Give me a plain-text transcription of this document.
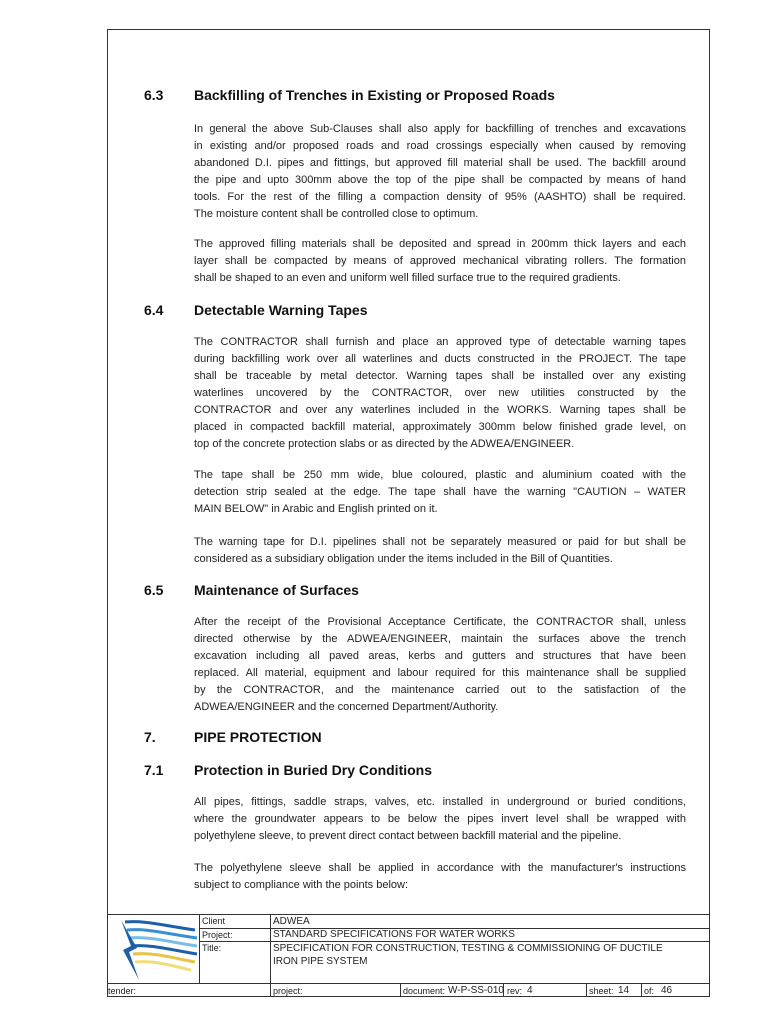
6.3 Backfilling of Trenches in Existing or Proposed Roads
In general the above Sub-Clauses shall also apply for backfilling of trenches and excavations
in existing and/or proposed roads and road crossings especially when caused by removing
abandoned D.I. pipes and fittings, but approved fill material shall be used. The backfill around
the pipe and upto 300mm above the top of the pipe shall be compacted by means of hand
tools. For the rest of the filling a compaction density of 95% (AASHTO) shall be required.
The moisture content shall be controlled close to optimum.
The approved filling materials shall be deposited and spread in 200mm thick layers and each
layer shall be compacted by means of approved mechanical vibrating rollers. The formation
shall be shaped to an even and uniform well filled surface true to the required gradients.
6.4 Detectable Warning Tapes
The CONTRACTOR shall furnish and place an approved type of detectable warning tapes
during backfilling work over all waterlines and ducts constructed in the PROJECT. The tape
shall be traceable by metal detector. Warning tapes shall be installed over any existing
waterlines uncovered by the CONTRACTOR, over new utilities constructed by the
CONTRACTOR and over any waterlines included in the WORKS. Warning tapes shall be
placed in compacted backfill material, approximately 300mm below finished grade level, on
top of the concrete protection slabs or as directed by the ADWEA/ENGINEER.
The tape shall be 250 mm wide, blue coloured, plastic and aluminium coated with the
detection strip sealed at the edge. The tape shall have the warning "CAUTION – WATER
MAIN BELOW" in Arabic and English printed on it.
The warning tape for D.I. pipelines shall not be separately measured or paid for but shall be
considered as a subsidiary obligation under the items included in the Bill of Quantities.
6.5 Maintenance of Surfaces
After the receipt of the Provisional Acceptance Certificate, the CONTRACTOR shall, unless
directed otherwise by the ADWEA/ENGINEER, maintain the surfaces above the trench
excavation including all paved areas, kerbs and gutters and structures that have been
replaced. All material, equipment and labour required for this maintenance shall be supplied
by the CONTRACTOR, and the maintenance carried out to the satisfaction of the
ADWEA/ENGINEER and the concerned Department/Authority.
7.	PIPE PROTECTION
7.1 Protection in Buried Dry Conditions
All pipes, fittings, saddle straps, valves, etc. installed in underground or buried conditions,
where the groundwater appears to be below the pipes invert level shall be wrapped with
polyethylene sleeve, to prevent direct contact between backfill material and the pipeline.
The polyethylene sleeve shall be applied in accordance with the manufacturer's instructions
subject to compliance with the points below:
Client	ADWEA
Project:	STANDARD SPECIFICATIONS FOR WATER WORKS
Title:	SPECIFICATION FOR CONSTRUCTION, TESTING & COMMISSIONING OF DUCTILE
IRON PIPE SYSTEM
tender:	project:	document: W-P-SS-010 rev: 4	sheet: 14 of: 46
